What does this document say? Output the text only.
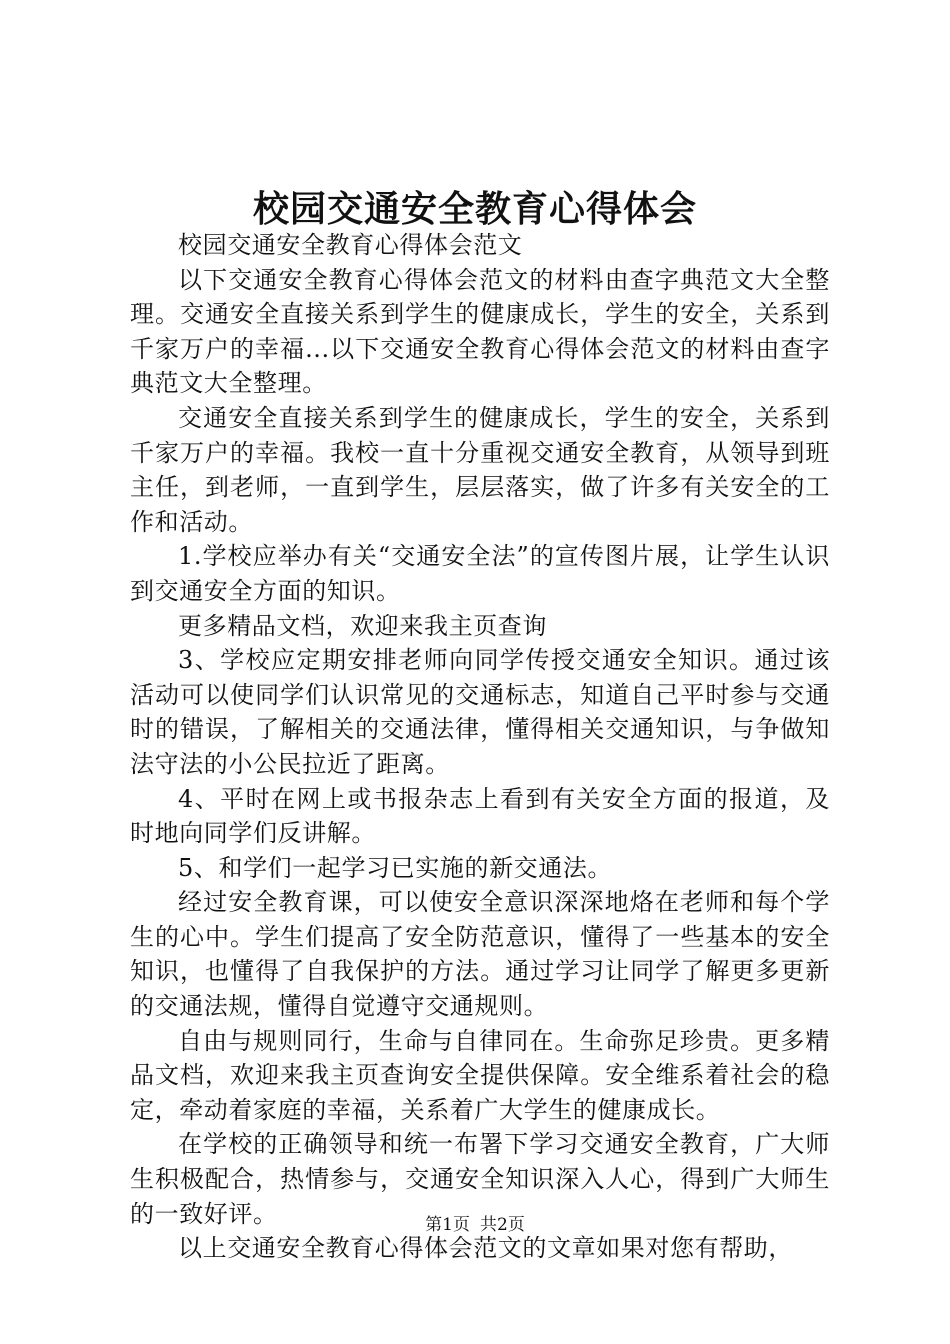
校园交通安全教育心得体会

校园交通安全教育心得体会范文

以下交通安全教育心得体会范文的材料由查字典范文大全整理。交通安全直接关系到学生的健康成长，学生的安全，关系到千家万户的幸福...以下交通安全教育心得体会范文的材料由查字典范文大全整理。

交通安全直接关系到学生的健康成长，学生的安全，关系到千家万户的幸福。我校一直十分重视交通安全教育，从领导到班主任，到老师，一直到学生，层层落实，做了许多有关安全的工作和活动。

1.学校应举办有关“交通安全法”的宣传图片展，让学生认识到交通安全方面的知识。

更多精品文档，欢迎来我主页查询

3、学校应定期安排老师向同学传授交通安全知识。通过该活动可以使同学们认识常见的交通标志，知道自己平时参与交通时的错误，了解相关的交通法律，懂得相关交通知识，与争做知法守法的小公民拉近了距离。

4、平时在网上或书报杂志上看到有关安全方面的报道，及时地向同学们反讲解。

5、和学们一起学习已实施的新交通法。

经过安全教育课，可以使安全意识深深地烙在老师和每个学生的心中。学生们提高了安全防范意识，懂得了一些基本的安全知识，也懂得了自我保护的方法。通过学习让同学了解更多更新的交通法规，懂得自觉遵守交通规则。

自由与规则同行，生命与自律同在。生命弥足珍贵。更多精品文档，欢迎来我主页查询安全提供保障。安全维系着社会的稳定，牵动着家庭的幸福，关系着广大学生的健康成长。

在学校的正确领导和统一布署下学习交通安全教育，广大师生积极配合，热情参与，交通安全知识深入人心，得到广大师生的一致好评。

以上交通安全教育心得体会范文的文章如果对您有帮助，

第1页 共2页
